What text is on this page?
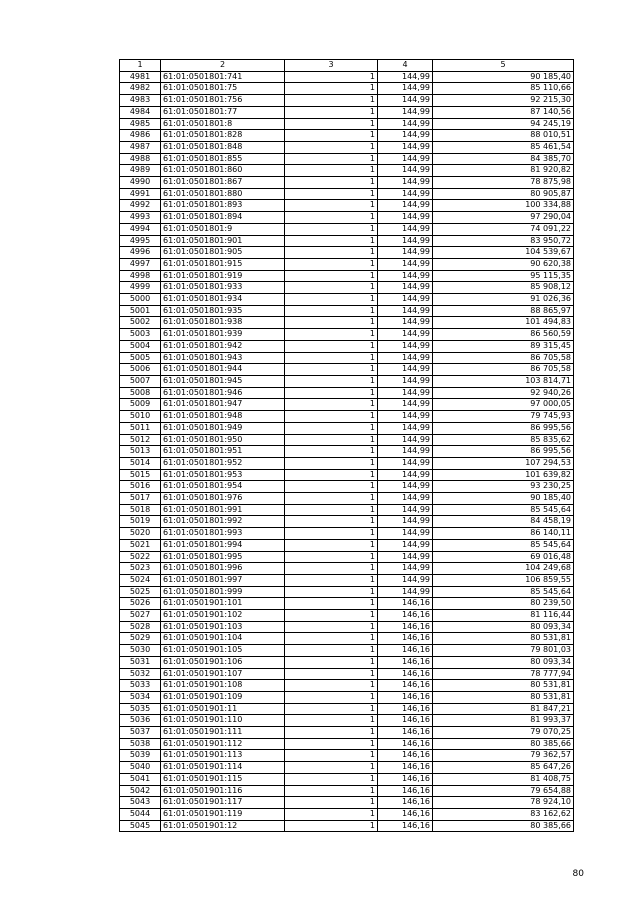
1	2	3	4	5
4981	61:01:0501801:741	1	144,99	90 185,40
4982	61:01:0501801:75	1	144,99	85 110,66
4983	61:01:0501801:756	1	144,99	92 215,30
4984	61:01:0501801:77	1	144,99	87 140,56
4985	61:01:0501801:8	1	144,99	94 245,19
4986	61:01:0501801:828	1	144,99	88 010,51
4987	61:01:0501801:848	1	144,99	85 461,54
4988	61:01:0501801:855	1	144,99	84 385,70
4989	61:01:0501801:860	1	144,99	81 920,82
4990	61:01:0501801:867	1	144,99	78 875,98
4991	61:01:0501801:880	1	144,99	80 905,87
4992	61:01:0501801:893	1	144,99	100 334,88
4993	61:01:0501801:894	1	144,99	97 290,04
4994	61:01:0501801:9	1	144,99	74 091,22
4995	61:01:0501801:901	1	144,99	83 950,72
4996	61:01:0501801:905	1	144,99	104 539,67
4997	61:01:0501801:915	1	144,99	90 620,38
4998	61:01:0501801:919	1	144,99	95 115,35
4999	61:01:0501801:933	1	144,99	85 908,12
5000	61:01:0501801:934	1	144,99	91 026,36
5001	61:01:0501801:935	1	144,99	88 865,97
5002	61:01:0501801:938	1	144,99	101 494,83
5003	61:01:0501801:939	1	144,99	86 560,59
5004	61:01:0501801:942	1	144,99	89 315,45
5005	61:01:0501801:943	1	144,99	86 705,58
5006	61:01:0501801:944	1	144,99	86 705,58
5007	61:01:0501801:945	1	144,99	103 814,71
5008	61:01:0501801:946	1	144,99	92 940,26
5009	61:01:0501801:947	1	144,99	97 000,05
5010	61:01:0501801:948	1	144,99	79 745,93
5011	61:01:0501801:949	1	144,99	86 995,56
5012	61:01:0501801:950	1	144,99	85 835,62
5013	61:01:0501801:951	1	144,99	86 995,56
5014	61:01:0501801:952	1	144,99	107 294,53
5015	61:01:0501801:953	1	144,99	101 639,82
5016	61:01:0501801:954	1	144,99	93 230,25
5017	61:01:0501801:976	1	144,99	90 185,40
5018	61:01:0501801:991	1	144,99	85 545,64
5019	61:01:0501801:992	1	144,99	84 458,19
5020	61:01:0501801:993	1	144,99	86 140,11
5021	61:01:0501801:994	1	144,99	85 545,64
5022	61:01:0501801:995	1	144,99	69 016,48
5023	61:01:0501801:996	1	144,99	104 249,68
5024	61:01:0501801:997	1	144,99	106 859,55
5025	61:01:0501801:999	1	144,99	85 545,64
5026	61:01:0501901:101	1	146,16	80 239,50
5027	61:01:0501901:102	1	146,16	81 116,44
5028	61:01:0501901:103	1	146,16	80 093,34
5029	61:01:0501901:104	1	146,16	80 531,81
5030	61:01:0501901:105	1	146,16	79 801,03
5031	61:01:0501901:106	1	146,16	80 093,34
5032	61:01:0501901:107	1	146,16	78 777,94
5033	61:01:0501901:108	1	146,16	80 531,81
5034	61:01:0501901:109	1	146,16	80 531,81
5035	61:01:0501901:11	1	146,16	81 847,21
5036	61:01:0501901:110	1	146,16	81 993,37
5037	61:01:0501901:111	1	146,16	79 070,25
5038	61:01:0501901:112	1	146,16	80 385,66
5039	61:01:0501901:113	1	146,16	79 362,57
5040	61:01:0501901:114	1	146,16	85 647,26
5041	61:01:0501901:115	1	146,16	81 408,75
5042	61:01:0501901:116	1	146,16	79 654,88
5043	61:01:0501901:117	1	146,16	78 924,10
5044	61:01:0501901:119	1	146,16	83 162,62
5045	61:01:0501901:12	1	146,16	80 385,66
80
